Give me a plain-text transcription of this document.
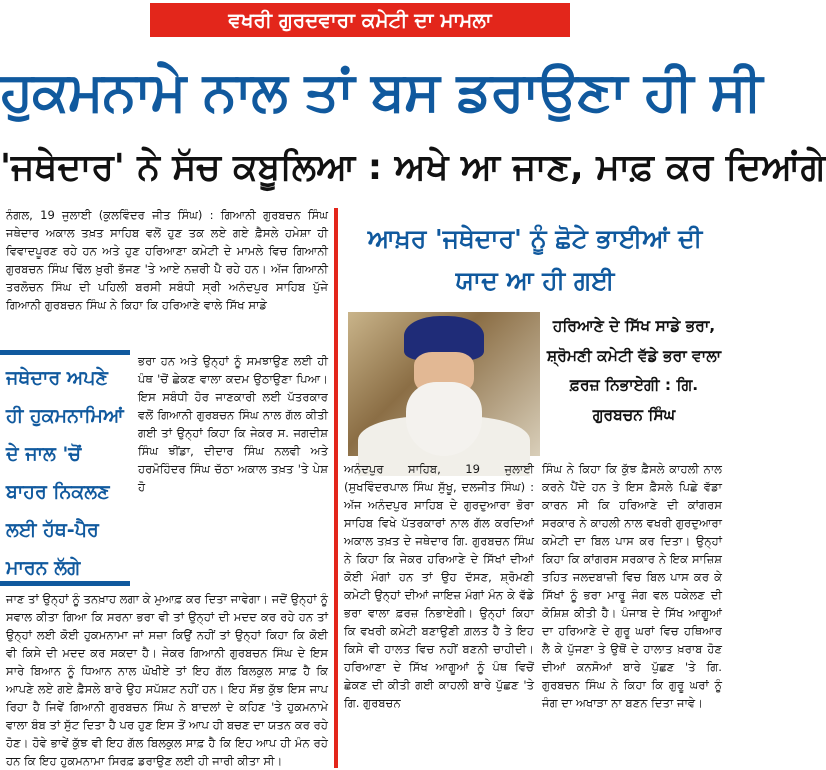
ਵਖਰੀ ਗੁਰਦਵਾਰਾ ਕਮੇਟੀ ਦਾ ਮਾਮਲਾ
ਹੁਕਮਨਾਮੇ ਨਾਲ ਤਾਂ ਬਸ ਡਰਾਉਣਾ ਹੀ ਸੀ
'ਜਥੇਦਾਰ' ਨੇ ਸੱਚ ਕਬੂਲਿਆ : ਅਖੇ ਆ ਜਾਣ, ਮਾਫ਼ ਕਰ ਦਿਆਂਗੇ

ਨੰਗਲ, 19 ਜੁਲਾਈ (ਕੁਲਵਿੰਦਰ ਜੀਤ ਸਿੰਘ) : ਗਿਆਨੀ ਗੁਰਬਚਨ ਸਿੰਘ ਜਥੇਦਾਰ ਅਕਾਲ ਤਖ਼ਤ ਸਾਹਿਬ ਵਲੋਂ ਹੁਣ ਤਕ ਲਏ ਗਏ ਫ਼ੈਸਲੇ ਹਮੇਸ਼ਾ ਹੀ ਵਿਵਾਦਪੂਰਣ ਰਹੇ ਹਨ ਅਤੇ ਹੁਣ ਹਰਿਆਣਾ ਕਮੇਟੀ ਦੇ ਮਾਮਲੇ ਵਿਚ ਗਿਆਨੀ ਗੁਰਬਚਨ ਸਿੰਘ ਢਿੱਲ ਖ਼ੁਰੀ ਭੱਜਣ 'ਤੇ ਆਏ ਨਜ਼ਰੀ ਪੈ ਰਹੇ ਹਨ। ਅੱਜ ਗਿਆਨੀ ਤਰਲੋਚਨ ਸਿੰਘ ਦੀ ਪਹਿਲੀ ਬਰਸੀ ਸਬੰਧੀ ਸ੍ਰੀ ਅਨੰਦਪੁਰ ਸਾਹਿਬ ਪੁੱਜੇ ਗਿਆਨੀ ਗੁਰਬਚਨ ਸਿੰਘ ਨੇ ਕਿਹਾ ਕਿ ਹਰਿਆਣੇ ਵਾਲੇ ਸਿੱਖ ਸਾਡੇ

ਜਥੇਦਾਰ ਅਪਣੇ ਹੀ ਹੁਕਮਨਾਮਿਆਂ ਦੇ ਜਾਲ 'ਚੋਂ ਬਾਹਰ ਨਿਕਲਣ ਲਈ ਹੱਥ-ਪੈਰ ਮਾਰਨ ਲੱਗੇ

ਭਰਾ ਹਨ ਅਤੇ ਉਨ੍ਹਾਂ ਨੂੰ ਸਮਝਾਉਣ ਲਈ ਹੀ ਪੰਥ 'ਚੋਂ ਛੇਕਣ ਵਾਲਾ ਕਦਮ ਉਠਾਉਣਾ ਪਿਆ। ਇਸ ਸਬੰਧੀ ਹੋਰ ਜਾਣਕਾਰੀ ਲਈ ਪੱਤਰਕਾਰ ਵਲੋਂ ਗਿਆਨੀ ਗੁਰਬਚਨ ਸਿੰਘ ਨਾਲ ਗੱਲ ਕੀਤੀ ਗਈ ਤਾਂ ਉਨ੍ਹਾਂ ਕਿਹਾ ਕਿ ਜੇਕਰ ਸ. ਜਗਦੀਸ਼ ਸਿੰਘ ਝੀਂਡਾ, ਦੀਦਾਰ ਸਿੰਘ ਨਲਵੀ ਅਤੇ ਹਰਮੋਹਿੰਦਰ ਸਿੰਘ ਚੱਠਾ ਅਕਾਲ ਤਖ਼ਤ 'ਤੇ ਪੇਸ਼ ਹੋ

ਜਾਣ ਤਾਂ ਉਨ੍ਹਾਂ ਨੂੰ ਤਨਖ਼ਾਹ ਲਗਾ ਕੇ ਮੁਆਫ਼ ਕਰ ਦਿਤਾ ਜਾਵੇਗਾ। ਜਦੋਂ ਉਨ੍ਹਾਂ ਨੂੰ ਸਵਾਲ ਕੀਤਾ ਗਿਆ ਕਿ ਸਰਨਾ ਭਰਾ ਵੀ ਤਾਂ ਉਨ੍ਹਾਂ ਦੀ ਮਦਦ ਕਰ ਰਹੇ ਹਨ ਤਾਂ ਉਨ੍ਹਾਂ ਲਈ ਕੋਈ ਹੁਕਮਨਾਮਾ ਜਾਂ ਸਜ਼ਾ ਕਿਉਂ ਨਹੀਂ ਤਾਂ ਉਨ੍ਹਾਂ ਕਿਹਾ ਕਿ ਕੋਈ ਵੀ ਕਿਸੇ ਦੀ ਮਦਦ ਕਰ ਸਕਦਾ ਹੈ। ਜੇਕਰ ਗਿਆਨੀ ਗੁਰਬਚਨ ਸਿੰਘ ਦੇ ਇਸ ਸਾਰੇ ਬਿਆਨ ਨੂੰ ਧਿਆਨ ਨਾਲ ਘੋਖੀਏ ਤਾਂ ਇਹ ਗੱਲ ਬਿਲਕੁਲ ਸਾਫ਼ ਹੈ ਕਿ ਆਪਣੇ ਲਏ ਗਏ ਫ਼ੈਸਲੇ ਬਾਰੇ ਉਹ ਸਪੱਸ਼ਟ ਨਹੀਂ ਹਨ। ਇਹ ਸੱਭ ਕੁੱਝ ਇਸ ਜਾਪ ਰਿਹਾ ਹੈ ਜਿਵੇਂ ਗਿਆਨੀ ਗੁਰਬਚਨ ਸਿੰਘ ਨੇ ਬਾਦਲਾਂ ਦੇ ਕਹਿਣ 'ਤੇ ਹੁਕਮਨਾਮੇ ਵਾਲਾ ਬੰਬ ਤਾਂ ਸੁੱਟ ਦਿਤਾ ਹੈ ਪਰ ਹੁਣ ਇਸ ਤੋਂ ਆਪ ਹੀ ਬਚਣ ਦਾ ਯਤਨ ਕਰ ਰਹੇ ਹੋਣ। ਹੋਵੇ ਭਾਵੇਂ ਕੁੱਝ ਵੀ ਇਹ ਗੱਲ ਬਿਲਕੁਲ ਸਾਫ਼ ਹੈ ਕਿ ਇਹ ਆਪ ਹੀ ਮੰਨ ਰਹੇ ਹਨ ਕਿ ਇਹ ਹੁਕਮਨਾਮਾ ਸਿਰਫ਼ ਡਰਾਉਣ ਲਈ ਹੀ ਜਾਰੀ ਕੀਤਾ ਸੀ।

ਆਖ਼ਰ 'ਜਥੇਦਾਰ' ਨੂੰ ਛੋਟੇ ਭਾਈਆਂ ਦੀ ਯਾਦ ਆ ਹੀ ਗਈ
ਹਰਿਆਣੇ ਦੇ ਸਿੱਖ ਸਾਡੇ ਭਰਾ, ਸ਼੍ਰੋਮਣੀ ਕਮੇਟੀ ਵੱਡੇ ਭਰਾ ਵਾਲਾ ਫ਼ਰਜ਼ ਨਿਭਾਏਗੀ : ਗਿ. ਗੁਰਬਚਨ ਸਿੰਘ

ਅਨੰਦਪੁਰ ਸਾਹਿਬ, 19 ਜੁਲਾਈ (ਸੁਖਵਿੰਦਰਪਾਲ ਸਿੰਘ ਸੁੱਖੂ, ਦਲਜੀਤ ਸਿੰਘ) : ਅੱਜ ਅਨੰਦਪੁਰ ਸਾਹਿਬ ਦੇ ਗੁਰਦੁਆਰਾ ਭੋਰਾ ਸਾਹਿਬ ਵਿਖੇ ਪੱਤਰਕਾਰਾਂ ਨਾਲ ਗੱਲ ਕਰਦਿਆਂ ਅਕਾਲ ਤਖ਼ਤ ਦੇ ਜਥੇਦਾਰ ਗਿ. ਗੁਰਬਚਨ ਸਿੰਘ ਨੇ ਕਿਹਾ ਕਿ ਜੇਕਰ ਹਰਿਆਣੇ ਦੇ ਸਿੱਖਾਂ ਦੀਆਂ ਕੋਈ ਮੰਗਾਂ ਹਨ ਤਾਂ ਉਹ ਦੱਸਣ, ਸ਼੍ਰੋਮਣੀ ਕਮੇਟੀ ਉਨ੍ਹਾਂ ਦੀਆਂ ਜਾਇਜ਼ ਮੰਗਾਂ ਮੰਨ ਕੇ ਵੱਡੇ ਭਰਾ ਵਾਲਾ ਫ਼ਰਜ਼ ਨਿਭਾਏਗੀ। ਉਨ੍ਹਾਂ ਕਿਹਾ ਕਿ ਵਖਰੀ ਕਮੇਟੀ ਬਣਾਉਣੀ ਗ਼ਲਤ ਹੈ ਤੇ ਇਹ ਕਿਸੇ ਵੀ ਹਾਲਤ ਵਿਚ ਨਹੀਂ ਬਣਨੀ ਚਾਹੀਦੀ। ਹਰਿਆਣਾ ਦੇ ਸਿੱਖ ਆਗੂਆਂ ਨੂੰ ਪੰਥ ਵਿਚੋਂ ਛੇਕਣ ਦੀ ਕੀਤੀ ਗਈ ਕਾਹਲੀ ਬਾਰੇ ਪੁੱਛਣ 'ਤੇ ਗਿ. ਗੁਰਬਚਨ

ਸਿੰਘ ਨੇ ਕਿਹਾ ਕਿ ਕੁੱਝ ਫ਼ੈਸਲੇ ਕਾਹਲੀ ਨਾਲ ਕਰਨੇ ਪੈਂਦੇ ਹਨ ਤੇ ਇਸ ਫ਼ੈਸਲੇ ਪਿਛੇ ਵੱਡਾ ਕਾਰਨ ਸੀ ਕਿ ਹਰਿਆਣੇ ਦੀ ਕਾਂਗਰਸ ਸਰਕਾਰ ਨੇ ਕਾਹਲੀ ਨਾਲ ਵਖਰੀ ਗੁਰਦੁਆਰਾ ਕਮੇਟੀ ਦਾ ਬਿਲ ਪਾਸ ਕਰ ਦਿਤਾ। ਉਨ੍ਹਾਂ ਕਿਹਾ ਕਿ ਕਾਂਗਰਸ ਸਰਕਾਰ ਨੇ ਇਕ ਸਾਜ਼ਿਸ਼ ਤਹਿਤ ਜਲਦਬਾਜ਼ੀ ਵਿਚ ਬਿਲ ਪਾਸ ਕਰ ਕੇ ਸਿੱਖਾਂ ਨੂੰ ਭਰਾ ਮਾਰੂ ਜੰਗ ਵਲ ਧਕੇਲਣ ਦੀ ਕੋਸ਼ਿਸ਼ ਕੀਤੀ ਹੈ। ਪੰਜਾਬ ਦੇ ਸਿੱਖ ਆਗੂਆਂ ਦਾ ਹਰਿਆਣੇ ਦੇ ਗੁਰੂ ਘਰਾਂ ਵਿਚ ਹਥਿਆਰ ਲੈ ਕੇ ਪੁੱਜਣਾ ਤੇ ਉਥੋਂ ਦੇ ਹਾਲਾਤ ਖ਼ਰਾਬ ਹੋਣ ਦੀਆਂ ਕਨਸੋਆਂ ਬਾਰੇ ਪੁੱਛਣ 'ਤੇ ਗਿ. ਗੁਰਬਚਨ ਸਿੰਘ ਨੇ ਕਿਹਾ ਕਿ ਗੁਰੂ ਘਰਾਂ ਨੂੰ ਜੰਗ ਦਾ ਅਖਾੜਾ ਨਾ ਬਣਨ ਦਿਤਾ ਜਾਵੇ।
